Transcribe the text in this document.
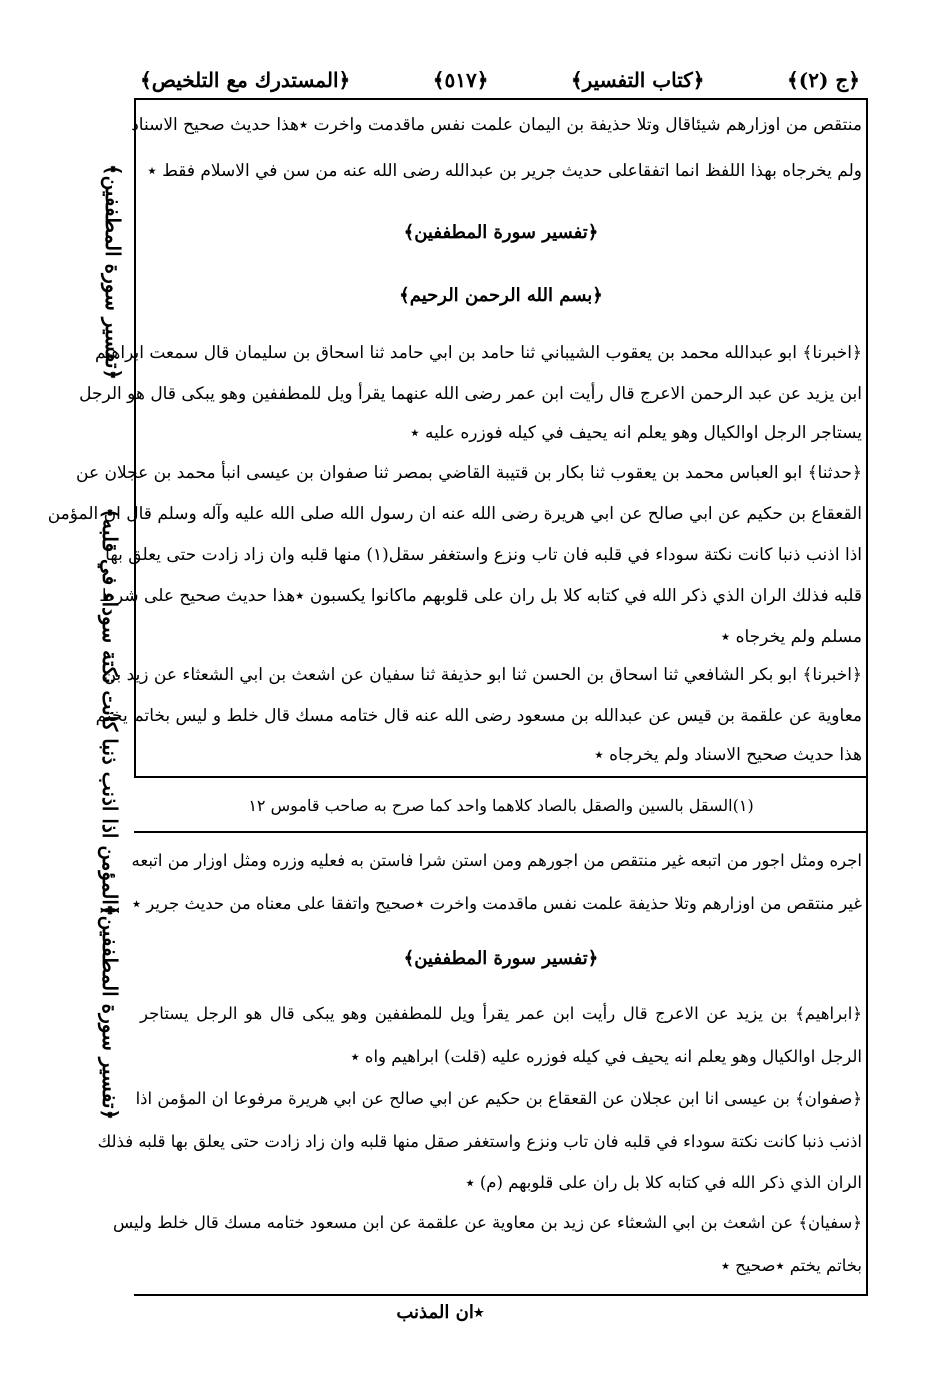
﴿المستدرك مع التلخيص﴾	﴿٥١٧﴾	﴿كتاب التفسير﴾	﴿ج (٢)﴾
﴿تفسير سورة المطففين﴾
﴿المؤمن اذا اذنب ذنبا كانت نكتة سوداء في قلبه﴾
﴿تفسير سورة المطففين﴾
منتقص من اوزارهم شيئاقال وتلا حذيفة بن اليمان علمت نفس ماقدمت واخرت ٭هذا حديث صحيح الاسناد
ولم يخرجاه بهذا اللفظ انما اتفقاعلى حديث جرير بن عبدالله رضى الله عنه من سن في الاسلام فقط ٭
﴿تفسير سورة المطففين﴾
﴿بسم الله الرحمن الرحيم﴾
﴿اخبرنا﴾ ابو عبدالله محمد بن يعقوب الشيباني ثنا حامد بن ابي حامد ثنا اسحاق بن سليمان قال سمعت ابراهيم
ابن يزيد عن عبد الرحمن الاعرج قال رأيت ابن عمر رضى الله عنهما يقرأ ويل للمطففين وهو يبكى قال هو الرجل
يستاجر الرجل اوالكيال وهو يعلم انه يحيف في كيله فوزره عليه ٭
﴿حدثنا﴾ ابو العباس محمد بن يعقوب ثنا بكار بن قتيبة القاضي بمصر ثنا صفوان بن عيسى انبأ محمد بن عجلان عن
القعقاع بن حكيم عن ابي صالح عن ابي هريرة رضى الله عنه ان رسول الله صلى الله عليه وآله وسلم قال ان المؤمن
اذا اذنب ذنبا كانت نكتة سوداء في قلبه فان تاب ونزع واستغفر سقل(١) منها قلبه وان زاد زادت حتى يعلق بها
قلبه فذلك الران الذي ذكر الله في كتابه كلا بل ران على قلوبهم ماكانوا يكسبون ٭هذا حديث صحيح على شرط
مسلم ولم يخرجاه ٭
﴿اخبرنا﴾ ابو بكر الشافعي ثنا اسحاق بن الحسن ثنا ابو حذيفة ثنا سفيان عن اشعث بن ابي الشعثاء عن زيد بن
معاوية عن علقمة بن قيس عن عبدالله بن مسعود رضى الله عنه قال ختامه مسك قال خلط و ليس بخاتم يختم
هذا حديث صحيح الاسناد ولم يخرجاه ٭
(١)السقل بالسين والصقل بالصاد كلاهما واحد كما صرح به صاحب قاموس ١٢
اجره ومثل اجور من اتبعه غير منتقص من اجورهم ومن استن شرا فاستن به فعليه وزره ومثل اوزار من اتبعه
غير منتقص من اوزارهم وتلا حذيفة علمت نفس ماقدمت واخرت ٭صحيح واتفقا على معناه من حديث جرير ٭
﴿تفسير سورة المطففين﴾
﴿ابراهيم﴾ بن يزيد عن الاعرج قال رأيت ابن عمر يقرأ ويل للمطففين وهو يبكى قال هو الرجل يستاجر
الرجل اوالكيال وهو يعلم انه يحيف في كيله فوزره عليه (قلت) ابراهيم واه ٭
﴿صفوان﴾ بن عيسى انا ابن عجلان عن القعقاع بن حكيم عن ابي صالح عن ابي هريرة مرفوعا ان المؤمن اذا
اذنب ذنبا كانت نكتة سوداء في قلبه فان تاب ونزع واستغفر صقل منها قلبه وان زاد زادت حتى يعلق بها قلبه فذلك
الران الذي ذكر الله في كتابه كلا بل ران على قلوبهم (م) ٭
﴿سفيان﴾ عن اشعث بن ابي الشعثاء عن زيد بن معاوية عن علقمة عن ابن مسعود ختامه مسك قال خلط وليس
بخاتم يختم ٭صحيح ٭
٭ان المذنب
